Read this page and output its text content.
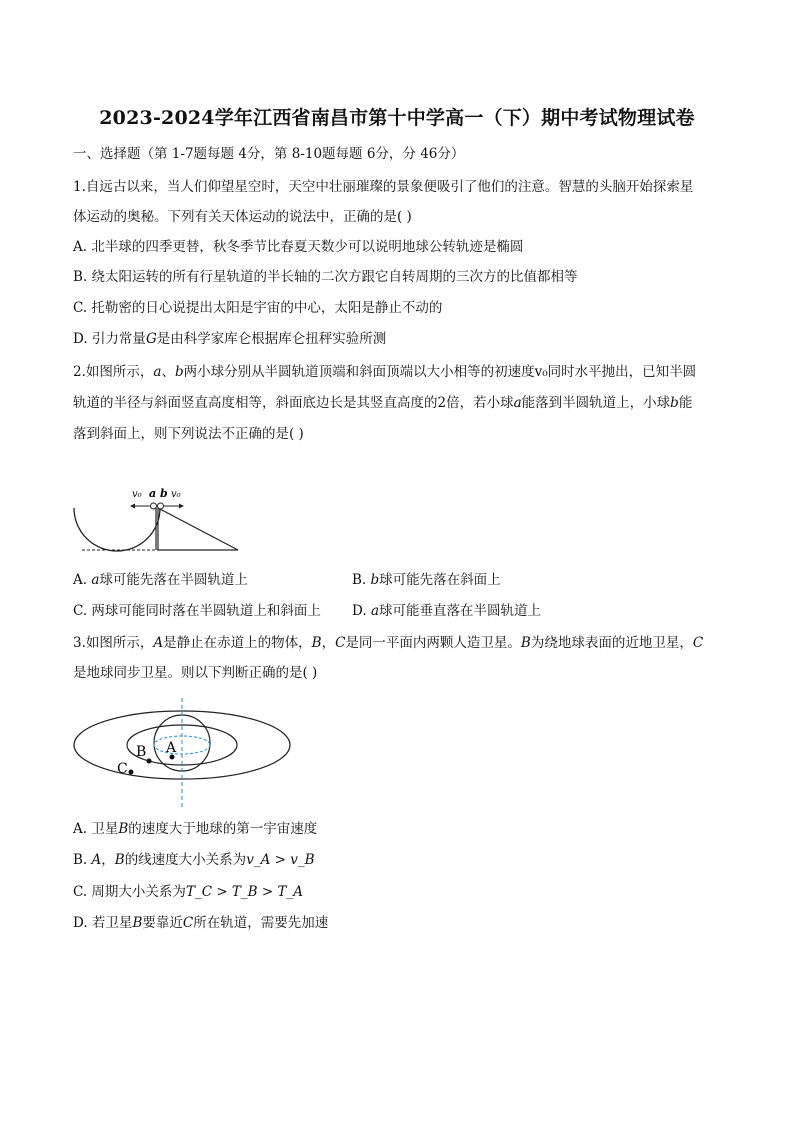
2023-2024学年江西省南昌市第十中学高一（下）期中考试物理试卷
一、选择题（第 1-7题每题 4分，第 8-10题每题 6分，分 46分）
1.自远古以来，当人们仰望星空时，天空中壮丽璀璨的景象便吸引了他们的注意。智慧的头脑开始探索星
体运动的奥秘。下列有关天体运动的说法中，正确的是( )
A. 北半球的四季更替，秋冬季节比春夏天数少可以说明地球公转轨迹是椭圆
B. 绕太阳运转的所有行星轨道的半长轴的二次方跟它自转周期的三次方的比值都相等
C. 托勒密的日心说提出太阳是宇宙的中心，太阳是静止不动的
D. 引力常量G是由科学家库仑根据库仑扭秤实验所测
2.如图所示，a、b两小球分别从半圆轨道顶端和斜面顶端以大小相等的初速度v₀同时水平抛出，已知半圆
轨道的半径与斜面竖直高度相等，斜面底边长是其竖直高度的2倍，若小球a能落到半圆轨道上，小球b能
落到斜面上，则下列说法不正确的是( )
v₀ a b v₀
A. a球可能先落在半圆轨道上	B. b球可能先落在斜面上
C. 两球可能同时落在半圆轨道上和斜面上 D. a球可能垂直落在半圆轨道上
3.如图所示，A是静止在赤道上的物体，B，C是同一平面内两颗人造卫星。B为绕地球表面的近地卫星，C
是地球同步卫星。则以下判断正确的是( )
A
B
C
A. 卫星B的速度大于地球的第一宇宙速度
B. A，B的线速度大小关系为v_A > v_B
C. 周期大小关系为T_C > T_B > T_A
D. 若卫星B要靠近C所在轨道，需要先加速
